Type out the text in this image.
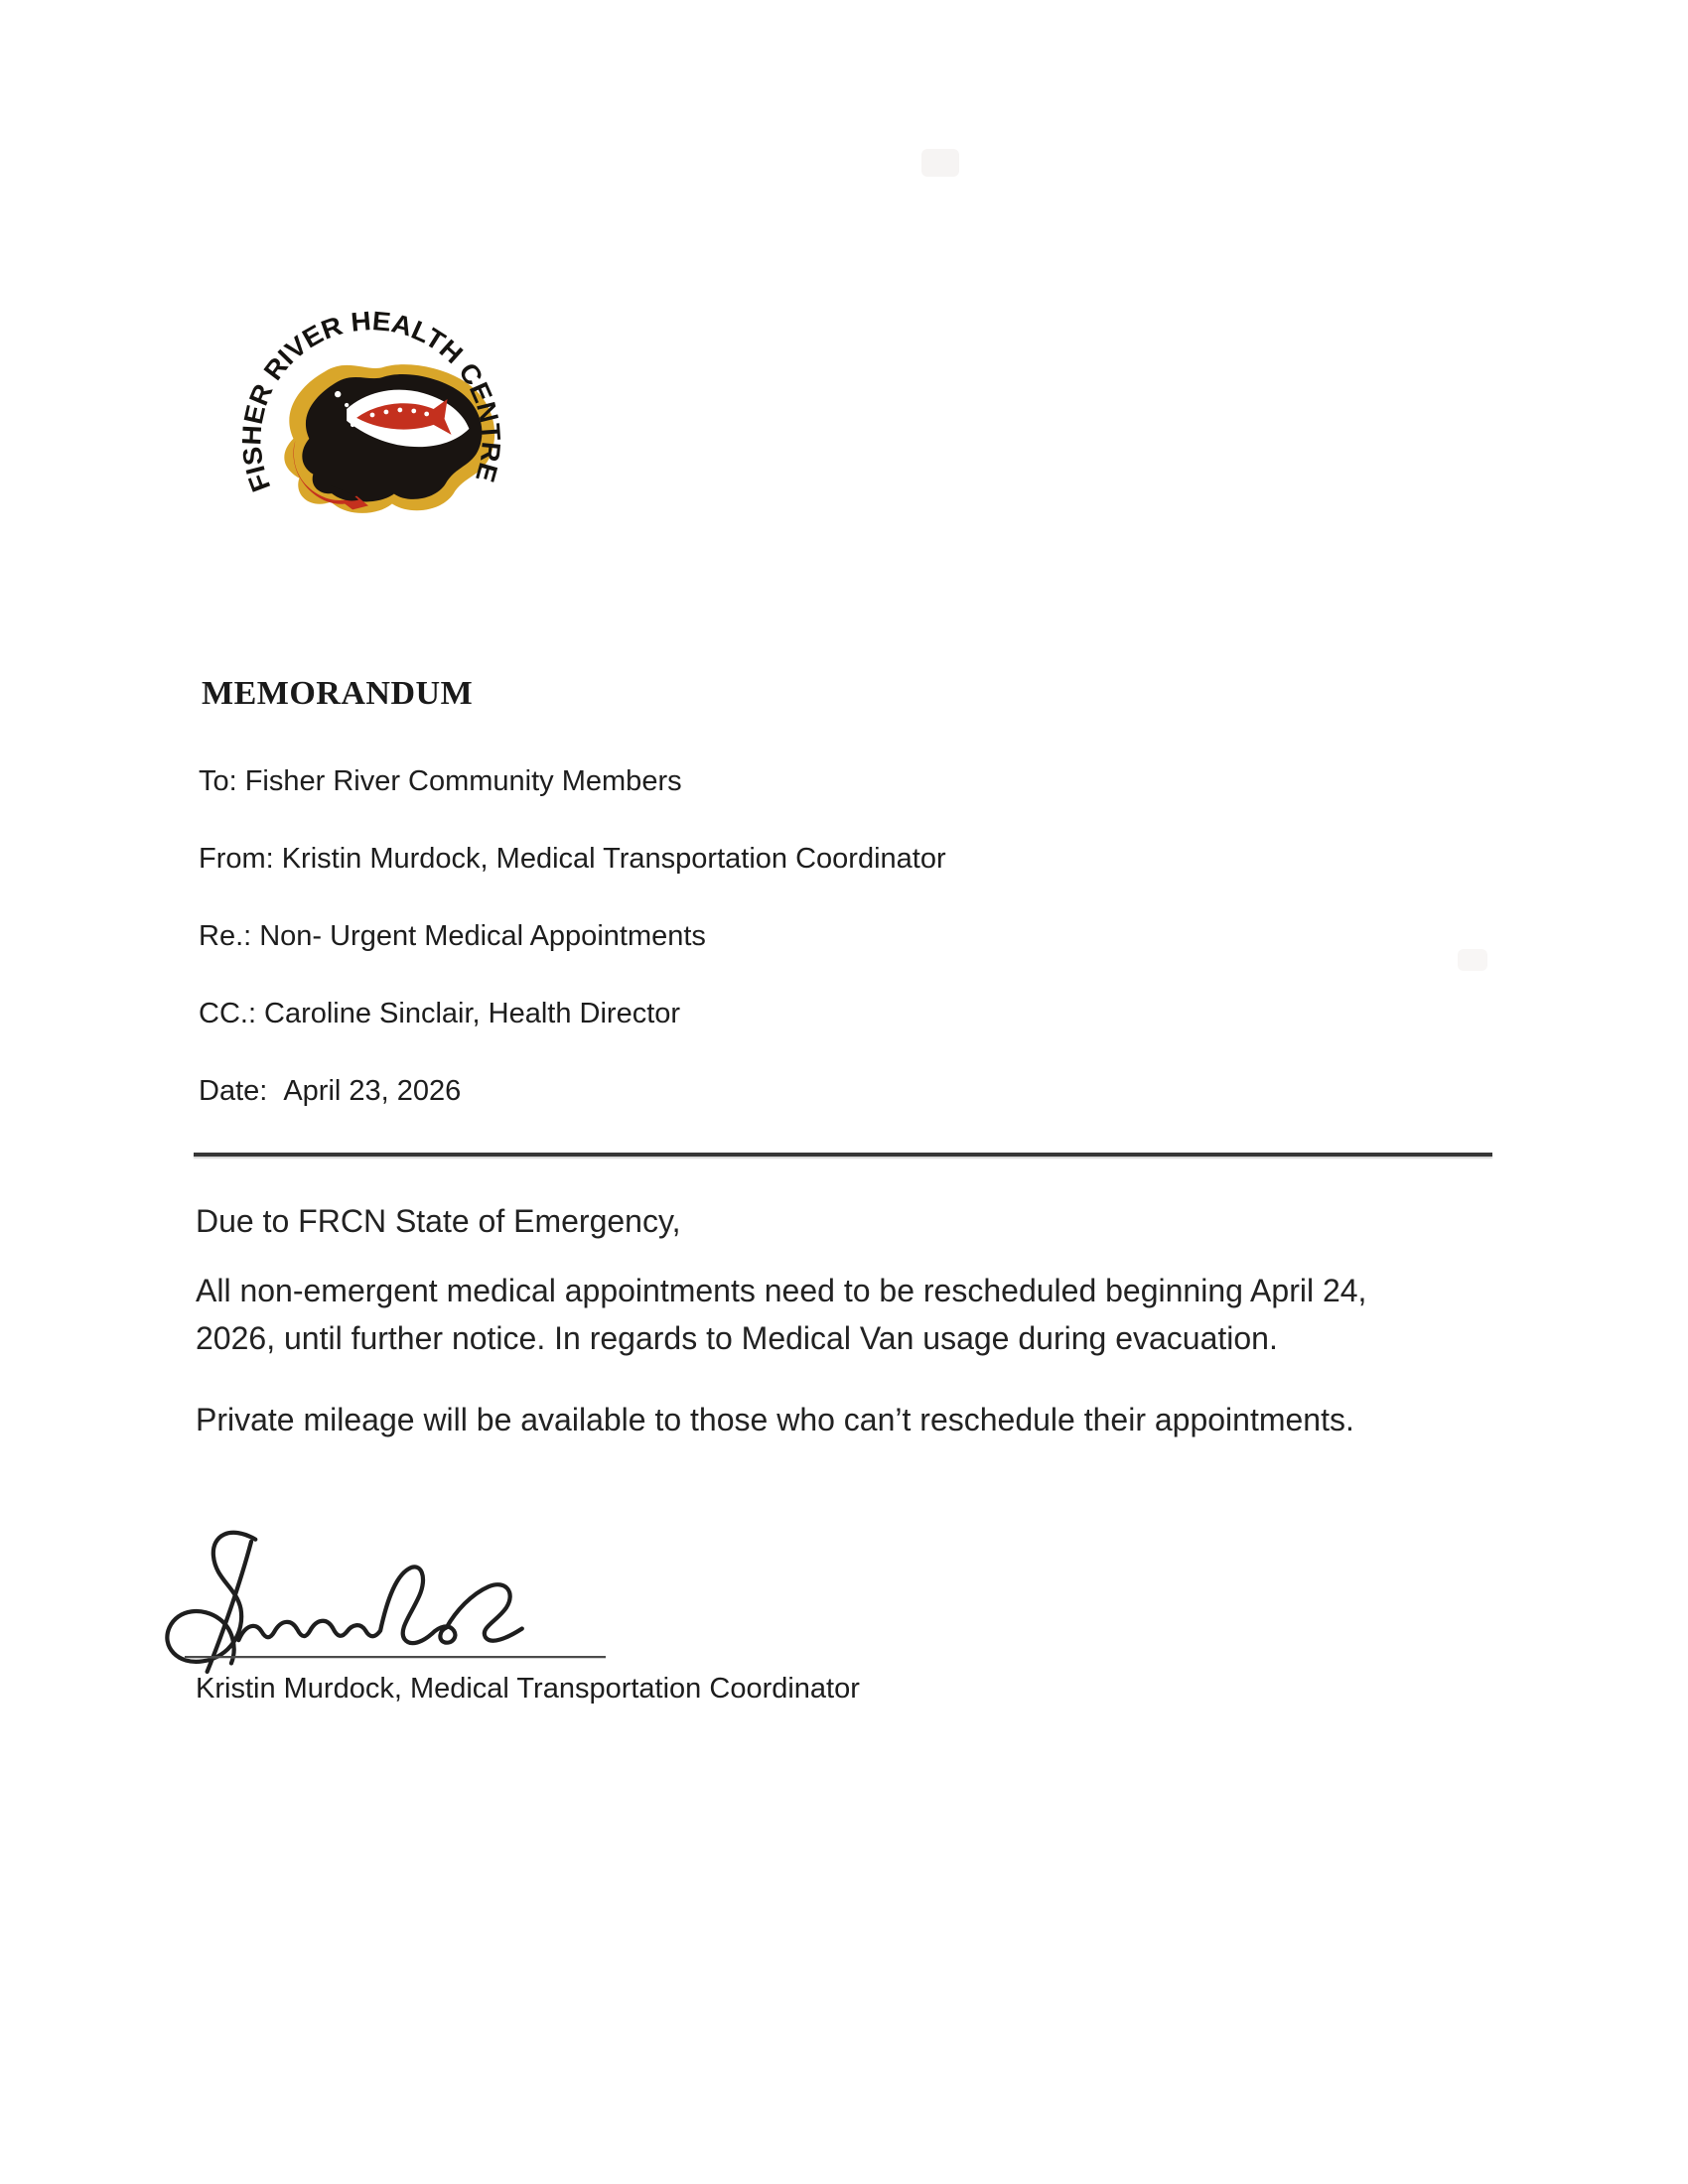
FISHER RIVER HEALTH CENTRE
MEMORANDUM
To: Fisher River Community Members
From: Kristin Murdock, Medical Transportation Coordinator
Re.: Non- Urgent Medical Appointments
CC.: Caroline Sinclair, Health Director
Date: April 23, 2026
Due to FRCN State of Emergency,
All non-emergent medical appointments need to be rescheduled beginning April 24,
2026, until further notice. In regards to Medical Van usage during evacuation.
Private mileage will be available to those who can’t reschedule their appointments.
Kristin Murdock, Medical Transportation Coordinator
